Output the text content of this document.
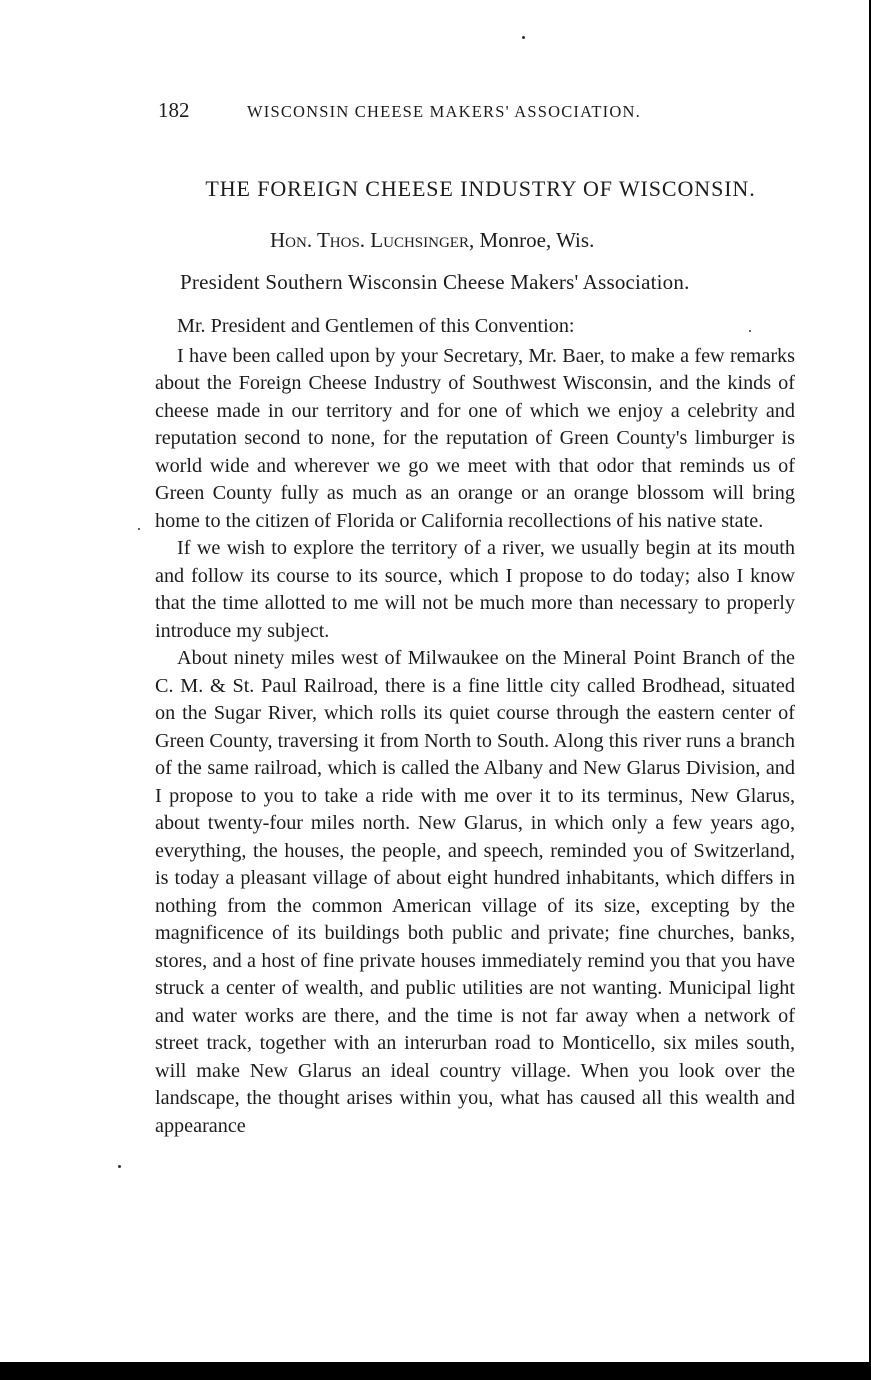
182	WISCONSIN CHEESE MAKERS' ASSOCIATION.
THE FOREIGN CHEESE INDUSTRY OF WISCONSIN.
Hon. Thos. Luchsinger, Monroe, Wis.
President Southern Wisconsin Cheese Makers' Association.

Mr. President and Gentlemen of this Convention:

I have been called upon by your Secretary, Mr. Baer, to make a few remarks about the Foreign Cheese Industry of Southwest Wisconsin, and the kinds of cheese made in our territory and for one of which we enjoy a celebrity and reputation second to none, for the reputation of Green County's limburger is world wide and wherever we go we meet with that odor that reminds us of Green County fully as much as an orange or an orange blossom will bring home to the citizen of Florida or California recollections of his native state.

If we wish to explore the territory of a river, we usually begin at its mouth and follow its course to its source, which I propose to do today; also I know that the time allotted to me will not be much more than necessary to properly introduce my subject.

About ninety miles west of Milwaukee on the Mineral Point Branch of the C. M. & St. Paul Railroad, there is a fine little city called Brodhead, situated on the Sugar River, which rolls its quiet course through the eastern center of Green County, traversing it from North to South. Along this river runs a branch of the same railroad, which is called the Albany and New Glarus Division, and I propose to you to take a ride with me over it to its terminus, New Glarus, about twenty-four miles north. New Glarus, in which only a few years ago, everything, the houses, the people, and speech, reminded you of Switzerland, is today a pleasant village of about eight hundred inhabitants, which differs in nothing from the common American village of its size, excepting by the magnificence of its buildings both public and private; fine churches, banks, stores, and a host of fine private houses immediately remind you that you have struck a center of wealth, and public utilities are not wanting. Municipal light and water works are there, and the time is not far away when a network of street track, together with an interurban road to Monticello, six miles south, will make New Glarus an ideal country village. When you look over the landscape, the thought arises within you, what has caused all this wealth and appearance
